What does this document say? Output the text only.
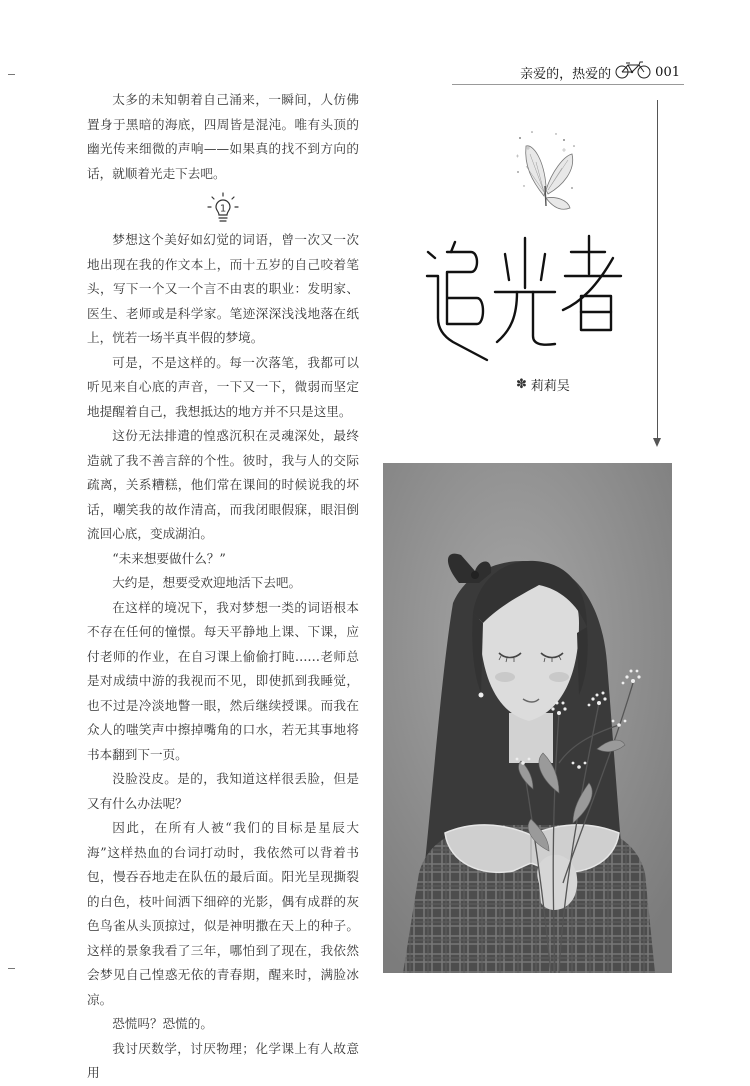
亲爱的，热爱的	001

太多的未知朝着自己涌来，一瞬间，人仿佛置身于黑暗的海底，四周皆是混沌。唯有头顶的幽光传来细微的声响——如果真的找不到方向的话，就顺着光走下去吧。

1

梦想这个美好如幻觉的词语，曾一次又一次地出现在我的作文本上，而十五岁的自己咬着笔头，写下一个又一个言不由衷的职业：发明家、医生、老师或是科学家。笔迹深深浅浅地落在纸上，恍若一场半真半假的梦境。

可是，不是这样的。每一次落笔，我都可以听见来自心底的声音，一下又一下，微弱而坚定地提醒着自己，我想抵达的地方并不只是这里。

这份无法排遣的惶惑沉积在灵魂深处，最终造就了我不善言辞的个性。彼时，我与人的交际疏离，关系糟糕，他们常在课间的时候说我的坏话，嘲笑我的故作清高，而我闭眼假寐，眼泪倒流回心底，变成湖泊。

“未来想要做什么？”

大约是，想要受欢迎地活下去吧。

在这样的境况下，我对梦想一类的词语根本不存在任何的憧憬。每天平静地上课、下课，应付老师的作业，在自习课上偷偷打盹……老师总是对成绩中游的我视而不见，即使抓到我睡觉，也不过是冷淡地瞥一眼，然后继续授课。而我在众人的嗤笑声中擦掉嘴角的口水，若无其事地将书本翻到下一页。

没脸没皮。是的，我知道这样很丢脸，但是又有什么办法呢？

因此，在所有人被“我们的目标是星辰大海”这样热血的台词打动时，我依然可以背着书包，慢吞吞地走在队伍的最后面。阳光呈现撕裂的白色，枝叶间洒下细碎的光影，偶有成群的灰色鸟雀从头顶掠过，似是神明撒在天上的种子。这样的景象我看了三年，哪怕到了现在，我依然会梦见自己惶惑无依的青春期，醒来时，满脸冰凉。

恐慌吗？恐慌的。

我讨厌数学，讨厌物理；化学课上有人故意用

追光者
✽ 莉莉吴
